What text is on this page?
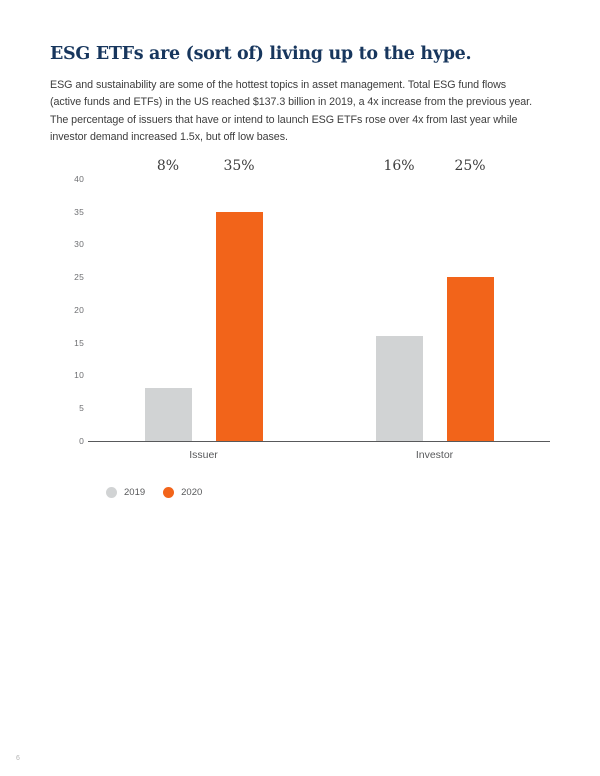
ESG ETFs are (sort of) living up to the hype.

ESG and sustainability are some of the hottest topics in asset management. Total ESG fund flows (active funds and ETFs) in the US reached $137.3 billion in 2019, a 4x increase from the previous year. The percentage of issuers that have or intend to launch ESG ETFs rose over 4x from last year while investor demand increased 1.5x, but off low bases.

0
5
10
15
20
25
30
35
40
8%	35%	16%	25%
Issuer	Investor
2019	2020
6
